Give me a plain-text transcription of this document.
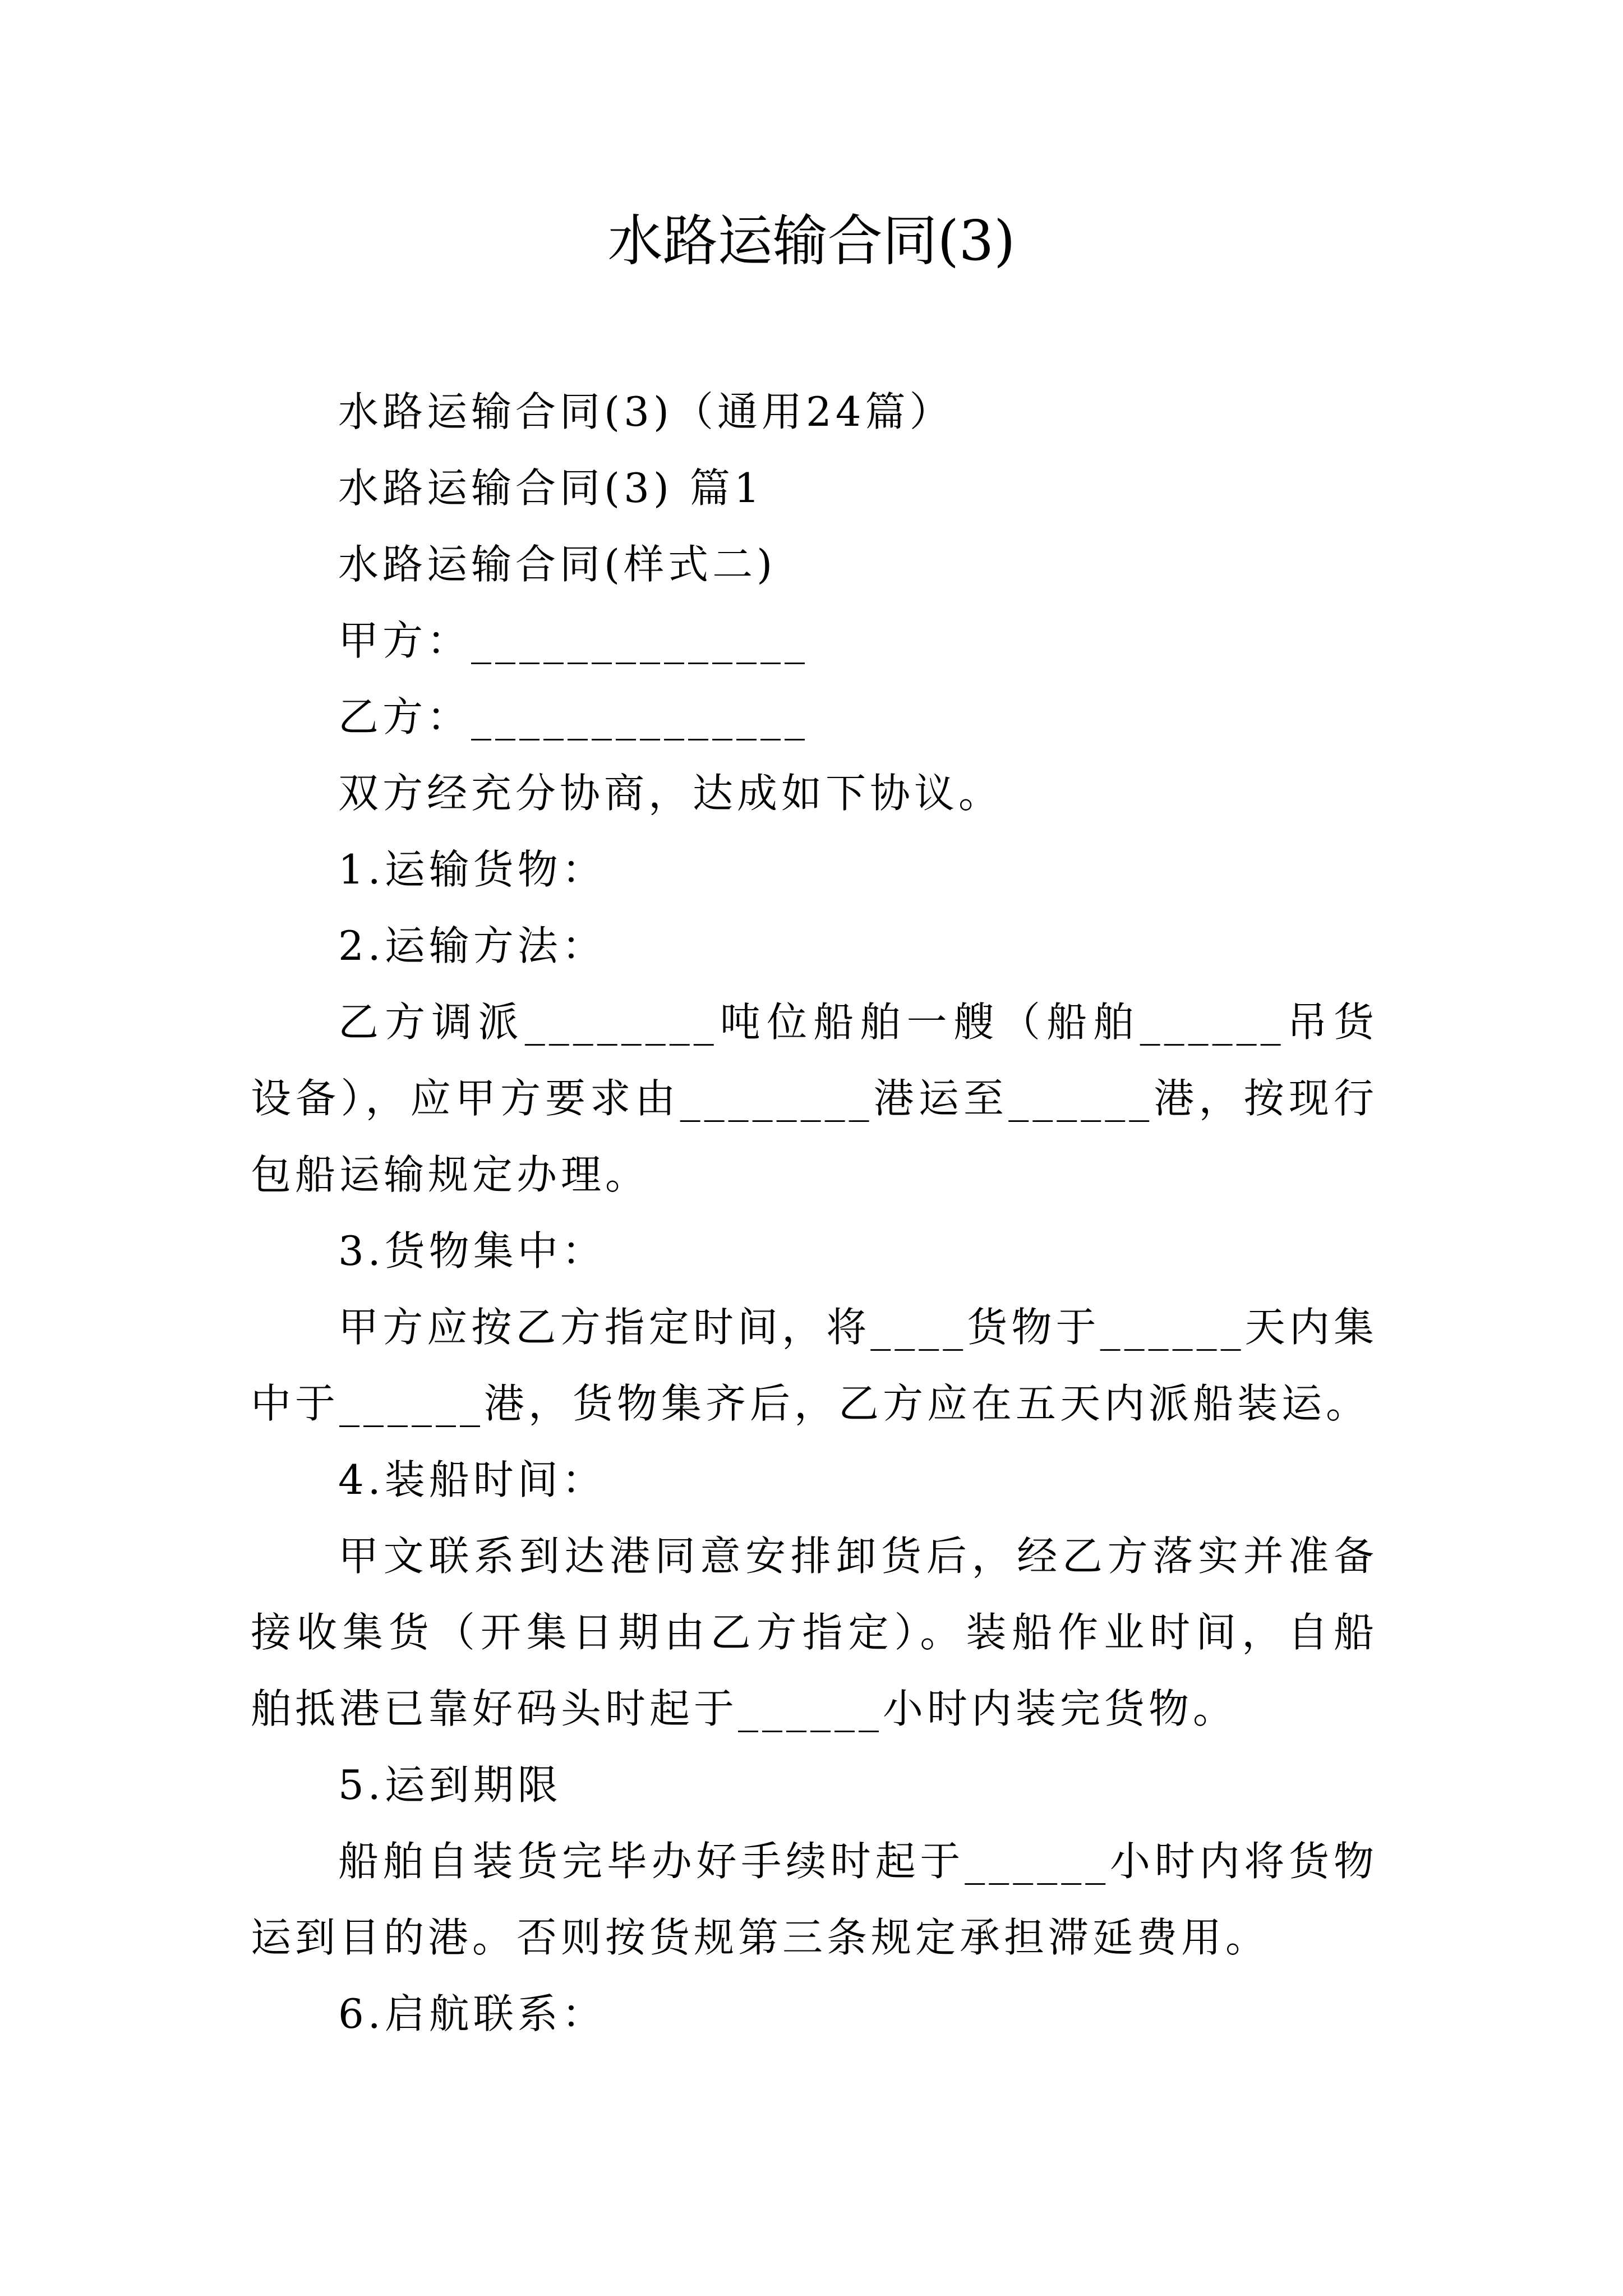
水路运输合同(3)

水路运输合同(3)（通用24篇）

水路运输合同(3) 篇1

水路运输合同(样式二)

甲方：______________

乙方：______________

双方经充分协商，达成如下协议。

1.运输货物：

2.运输方法：

乙方调派________吨位船舶一艘（船舶______吊货设备），应甲方要求由________港运至______港，按现行包船运输规定办理。

3.货物集中：

甲方应按乙方指定时间，将____货物于______天内集中于______港，货物集齐后，乙方应在五天内派船装运。

4.装船时间：

甲文联系到达港同意安排卸货后，经乙方落实并准备接收集货（开集日期由乙方指定）。装船作业时间，自船舶抵港已靠好码头时起于______小时内装完货物。

5.运到期限

船舶自装货完毕办好手续时起于______小时内将货物运到目的港。否则按货规第三条规定承担滞延费用。

6.启航联系：
